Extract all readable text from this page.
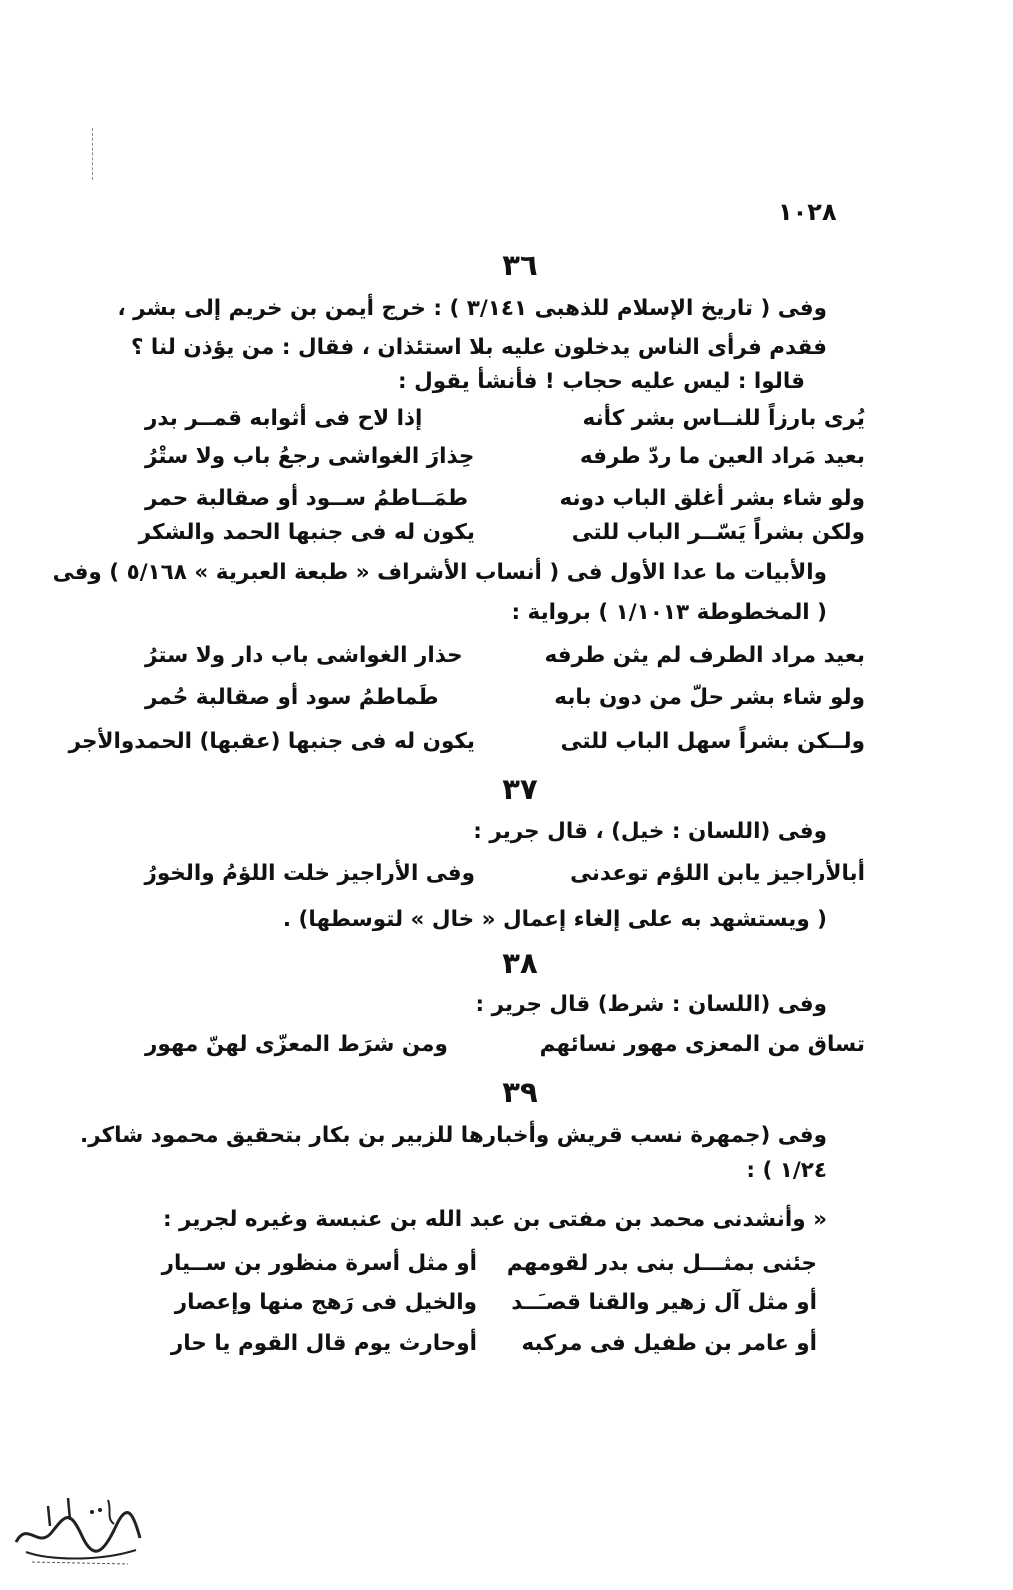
١٠٢٨
٣٦
وفى ( تاريخ الإسلام للذهبى ٣/١٤١ ) : خرج أيمن بن خريم إلى بشر ،
فقدم فرأى الناس يدخلون عليه بلا استئذان ، فقال : من يؤذن لنا ؟
قالوا : ليس عليه حجاب ! فأنشأ يقول :
يُرى بارزاً للنــاس بشر كأنه
إذا لاح فى أثوابه قمــر بدر
بعيد مَراد العين ما ردّ طرفه
حِذارَ الغواشى رجعُ باب ولا ستْرُ
ولو شاء بشر أغلق الباب دونه
طمَــاطمُ ســود أو صقالبة حمر
ولكن بشراً يَسّــر الباب للتى
يكون له فى جنبها الحمد والشكر
والأبيات ما عدا الأول فى ( أنساب الأشراف « طبعة العبرية » ٥/١٦٨ ) وفى
( المخطوطة ١/١٠١٣ ) برواية :
بعيد مراد الطرف لم يثن طرفه
حذار الغواشى باب دار ولا سترُ
ولو شاء بشر حلّ من دون بابه
طَماطمُ سود أو صقالبة حُمر
ولــكن بشراً سهل الباب للتى
يكون له فى جنبها (عقبها) الحمدوالأجر
٣٧
وفى (اللسان : خيل) ، قال جرير :
أبالأراجيز يابن اللؤم توعدنى
وفى الأراجيز خلت اللؤمُ والخورُ
( ويستشهد به على إلغاء إعمال « خال » لتوسطها) .
٣٨
وفى (اللسان : شرط) قال جرير :
تساق من المعزى مهور نسائهم
ومن شرَط المعزّى لهنّ مهور
٣٩
وفى (جمهرة نسب قريش وأخبارها للزبير بن بكار بتحقيق محمود شاكر.
١/٢٤ ) :
« وأنشدنى محمد بن مفتى بن عبد الله بن عنبسة وغيره لجرير :
جئنى بمثـــل بنى بدر لقومهم
أو مثل أسرة منظور بن ســيار
أو مثل آل زهير والقنا قصـَــد
والخيل فى رَهج منها وإعصار
أو عامر بن طفيل فى مركبه
أوحارث يوم قال القوم يا حار
